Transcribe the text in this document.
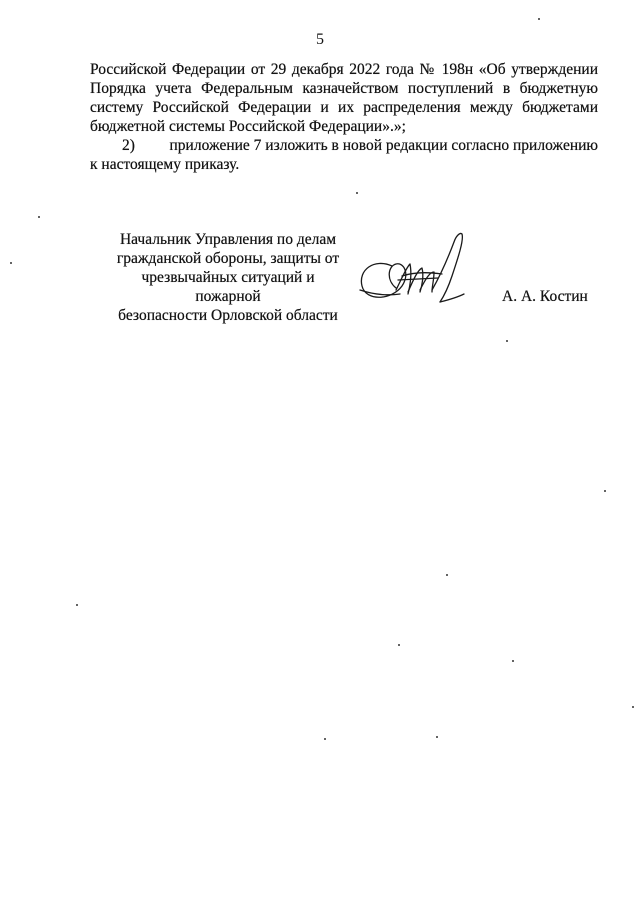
5

Российской Федерации от 29 декабря 2022 года № 198н «Об утверждении

Порядка учета Федеральным казначейством поступлений в бюджетную

систему Российской Федерации и их распределения между бюджетами

бюджетной системы Российской Федерации».»;

2)	приложение 7 изложить в новой редакции согласно приложению

к настоящему приказу.

Начальник Управления по делам
гражданской обороны, защиты от
чрезвычайных ситуаций и пожарной
безопасности Орловской области
А. А. Костин
